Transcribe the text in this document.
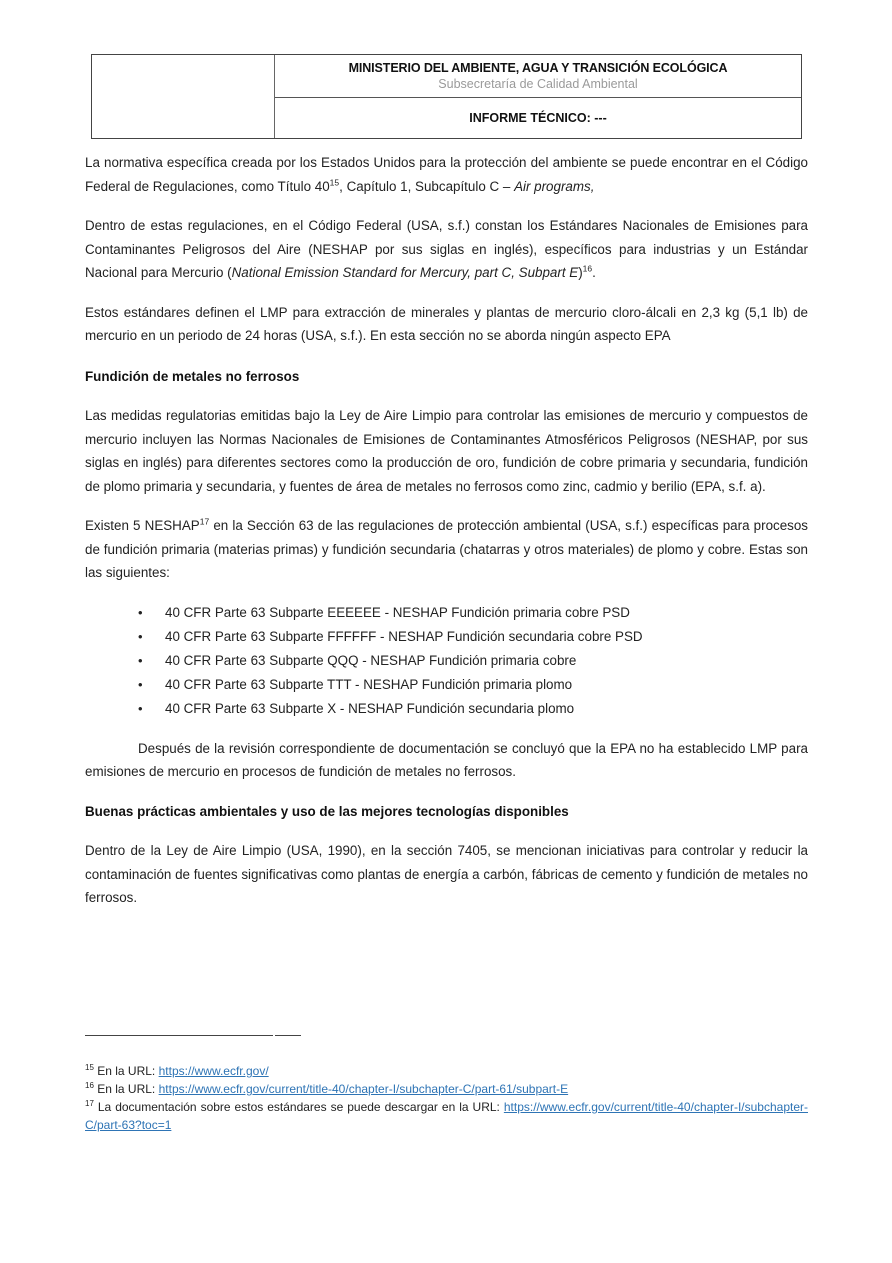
MINISTERIO DEL AMBIENTE, AGUA Y TRANSICIÓN ECOLÓGICA
Subsecretaría de Calidad Ambiental
INFORME TÉCNICO: ---

La normativa específica creada por los Estados Unidos para la protección del ambiente se puede encontrar en el Código Federal de Regulaciones, como Título $40^{15}$, Capítulo 1, Subcapítulo C – Air programs,

Dentro de estas regulaciones, en el Código Federal (USA, s.f.) constan los Estándares Nacionales de Emisiones para Contaminantes Peligrosos del Aire (NESHAP por sus siglas en inglés), específicos para industrias y un Estándar Nacional para Mercurio (National Emission Standard for Mercury, part C, Subpart E)$^{16}$.

Estos estándares definen el LMP para extracción de minerales y plantas de mercurio cloro-álcali en 2,3 kg (5,1 lb) de mercurio en un periodo de 24 horas (USA, s.f.). En esta sección no se aborda ningún aspecto EPA

Fundición de metales no ferrosos

Las medidas regulatorias emitidas bajo la Ley de Aire Limpio para controlar las emisiones de mercurio y compuestos de mercurio incluyen las Normas Nacionales de Emisiones de Contaminantes Atmosféricos Peligrosos (NESHAP, por sus siglas en inglés) para diferentes sectores como la producción de oro, fundición de cobre primaria y secundaria, fundición de plomo primaria y secundaria, y fuentes de área de metales no ferrosos como zinc, cadmio y berilio (EPA, s.f. a).

Existen 5 NESHAP$^{17}$ en la Sección 63 de las regulaciones de protección ambiental (USA, s.f.) específicas para procesos de fundición primaria (materias primas) y fundición secundaria (chatarras y otros materiales) de plomo y cobre. Estas son las siguientes:

• 40 CFR Parte 63 Subparte EEEEEE - NESHAP Fundición primaria cobre PSD
• 40 CFR Parte 63 Subparte FFFFFF - NESHAP Fundición secundaria cobre PSD
• 40 CFR Parte 63 Subparte QQQ - NESHAP Fundición primaria cobre
• 40 CFR Parte 63 Subparte TTT - NESHAP Fundición primaria plomo
• 40 CFR Parte 63 Subparte X - NESHAP Fundición secundaria plomo

Después de la revisión correspondiente de documentación se concluyó que la EPA no ha establecido LMP para emisiones de mercurio en procesos de fundición de metales no ferrosos.

Buenas prácticas ambientales y uso de las mejores tecnologías disponibles

Dentro de la Ley de Aire Limpio (USA, 1990), en la sección 7405, se mencionan iniciativas para controlar y reducir la contaminación de fuentes significativas como plantas de energía a carbón, fábricas de cemento y fundición de metales no ferrosos.

$^{15}$ En la URL: https://www.ecfr.gov/

$^{16}$ En la URL: https://www.ecfr.gov/current/title-40/chapter-I/subchapter-C/part-61/subpart-E

$^{17}$ La documentación sobre estos estándares se puede descargar en la URL: https://www.ecfr.gov/current/title-40/chapter-I/subchapter-C/part-63?toc=1
